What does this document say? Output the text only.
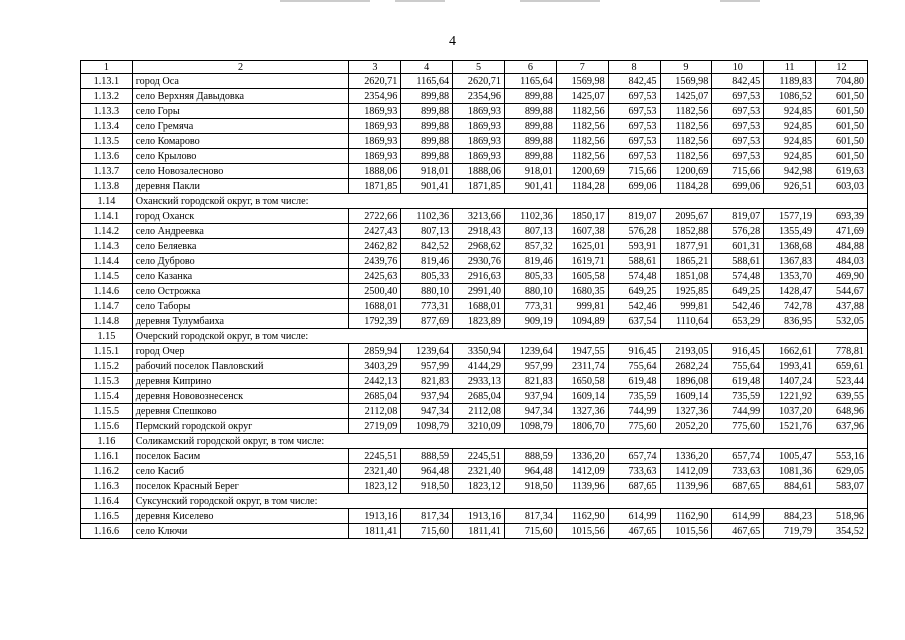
4
1	2	3	4	5	6	7	8	9	10	11	12
1.13.1	город Оса	2620,71	1165,64	2620,71	1165,64	1569,98	842,45	1569,98	842,45	1189,83	704,80
1.13.2	село Верхняя Давыдовка	2354,96	899,88	2354,96	899,88	1425,07	697,53	1425,07	697,53	1086,52	601,50
1.13.3	село Горы	1869,93	899,88	1869,93	899,88	1182,56	697,53	1182,56	697,53	924,85	601,50
1.13.4	село Гремяча	1869,93	899,88	1869,93	899,88	1182,56	697,53	1182,56	697,53	924,85	601,50
1.13.5	село Комарово	1869,93	899,88	1869,93	899,88	1182,56	697,53	1182,56	697,53	924,85	601,50
1.13.6	село Крылово	1869,93	899,88	1869,93	899,88	1182,56	697,53	1182,56	697,53	924,85	601,50
1.13.7	село Новозалесново	1888,06	918,01	1888,06	918,01	1200,69	715,66	1200,69	715,66	942,98	619,63
1.13.8	деревня Пакли	1871,85	901,41	1871,85	901,41	1184,28	699,06	1184,28	699,06	926,51	603,03
1.14	Оханский городской округ, в том числе:										
1.14.1	город Оханск	2722,66	1102,36	3213,66	1102,36	1850,17	819,07	2095,67	819,07	1577,19	693,39
1.14.2	село Андреевка	2427,43	807,13	2918,43	807,13	1607,38	576,28	1852,88	576,28	1355,49	471,69
1.14.3	село Беляевка	2462,82	842,52	2968,62	857,32	1625,01	593,91	1877,91	601,31	1368,68	484,88
1.14.4	село Дуброво	2439,76	819,46	2930,76	819,46	1619,71	588,61	1865,21	588,61	1367,83	484,03
1.14.5	село Казанка	2425,63	805,33	2916,63	805,33	1605,58	574,48	1851,08	574,48	1353,70	469,90
1.14.6	село Острожка	2500,40	880,10	2991,40	880,10	1680,35	649,25	1925,85	649,25	1428,47	544,67
1.14.7	село Таборы	1688,01	773,31	1688,01	773,31	999,81	542,46	999,81	542,46	742,78	437,88
1.14.8	деревня Тулумбаиха	1792,39	877,69	1823,89	909,19	1094,89	637,54	1110,64	653,29	836,95	532,05
1.15	Очерский городской округ, в том числе:										
1.15.1	город Очер	2859,94	1239,64	3350,94	1239,64	1947,55	916,45	2193,05	916,45	1662,61	778,81
1.15.2	рабочий поселок Павловский	3403,29	957,99	4144,29	957,99	2311,74	755,64	2682,24	755,64	1993,41	659,61
1.15.3	деревня Киприно	2442,13	821,83	2933,13	821,83	1650,58	619,48	1896,08	619,48	1407,24	523,44
1.15.4	деревня Нововознесенск	2685,04	937,94	2685,04	937,94	1609,14	735,59	1609,14	735,59	1221,92	639,55
1.15.5	деревня Спешково	2112,08	947,34	2112,08	947,34	1327,36	744,99	1327,36	744,99	1037,20	648,96
1.15.6	Пермский городской округ	2719,09	1098,79	3210,09	1098,79	1806,70	775,60	2052,20	775,60	1521,76	637,96
1.16	Соликамский городской округ, в том числе:										
1.16.1	поселок Басим	2245,51	888,59	2245,51	888,59	1336,20	657,74	1336,20	657,74	1005,47	553,16
1.16.2	село Касиб	2321,40	964,48	2321,40	964,48	1412,09	733,63	1412,09	733,63	1081,36	629,05
1.16.3	поселок Красный Берег	1823,12	918,50	1823,12	918,50	1139,96	687,65	1139,96	687,65	884,61	583,07
1.16.4	Суксунский городской округ, в том числе:										
1.16.5	деревня Киселево	1913,16	817,34	1913,16	817,34	1162,90	614,99	1162,90	614,99	884,23	518,96
1.16.6	село Ключи	1811,41	715,60	1811,41	715,60	1015,56	467,65	1015,56	467,65	719,79	354,52
